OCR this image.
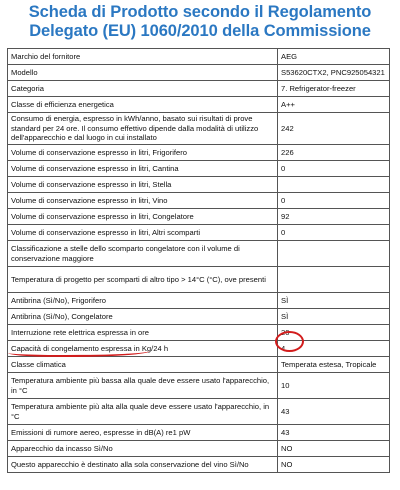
Scheda di Prodotto secondo il Regolamento Delegato (EU) 1060/2010 della Commissione
Marchio del fornitore	AEG
Modello	S53620CTX2, PNC925054321
Categoria	7. Refrigerator-freezer
Classe di efficienza energetica	A++
Consumo di energia, espresso in kWh/anno, basato sui risultati di prove standard per 24 ore. Il consumo effettivo dipende dalla modalità di utilizzo dell'apparecchio e dal luogo in cui installato	242
Volume di conservazione espresso in litri, Frigorifero	226
Volume di conservazione espresso in litri, Cantina	0
Volume di conservazione espresso in litri, Stella	
Volume di conservazione espresso in litri, Vino	0
Volume di conservazione espresso in litri, Congelatore	92
Volume di conservazione espresso in litri, Altri scomparti	0
Classificazione a stelle dello scomparto congelatore con il volume di conservazione maggiore	
Temperatura di progetto per scomparti di altro tipo > 14°C (°C), ove presenti	
Antibrina (Sì/No), Frigorifero	SÌ
Antibrina (Sì/No), Congelatore	SÌ
Interruzione rete elettrica espressa in ore	20
Capacità di congelamento espressa in Kg/24 h	4
Classe climatica	Temperata estesa, Tropicale
Temperatura ambiente più bassa alla quale deve essere usato l'apparecchio, in °C	10
Temperatura ambiente più alta alla quale deve essere usato l'apparecchio, in °C	43
Emissioni di rumore aereo, espresse in dB(A) re1 pW	43
Apparecchio da incasso Sì/No	NO
Questo apparecchio è destinato alla sola conservazione del vino Sì/No	NO
